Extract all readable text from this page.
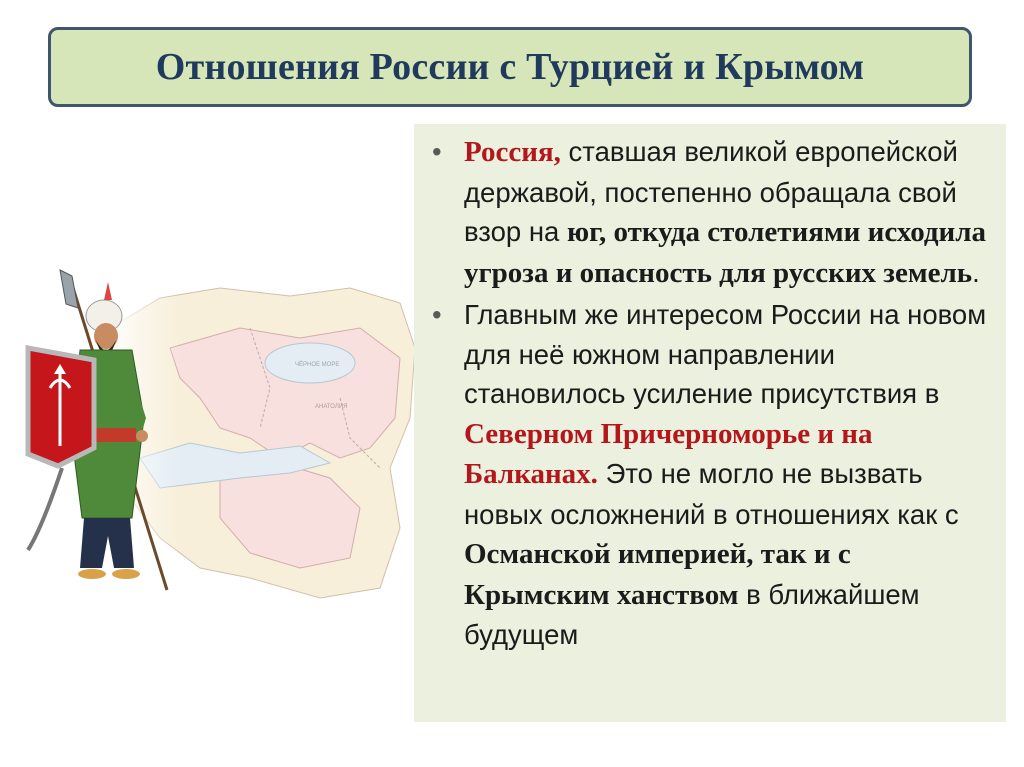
Отношения России с Турцией и Крымом
• Россия, ставшая великой европейской державой, постепенно обращала свой взор на юг, откуда столетиями исходила угроза и опасность для русских земель.
• Главным же интересом России на новом для неё южном направлении становилось усиление присутствия в Северном Причерноморье и на Балканах. Это не могло не вызвать новых осложнений в отношениях как с Османской империей, так и с Крымским ханством в ближайшем будущем
